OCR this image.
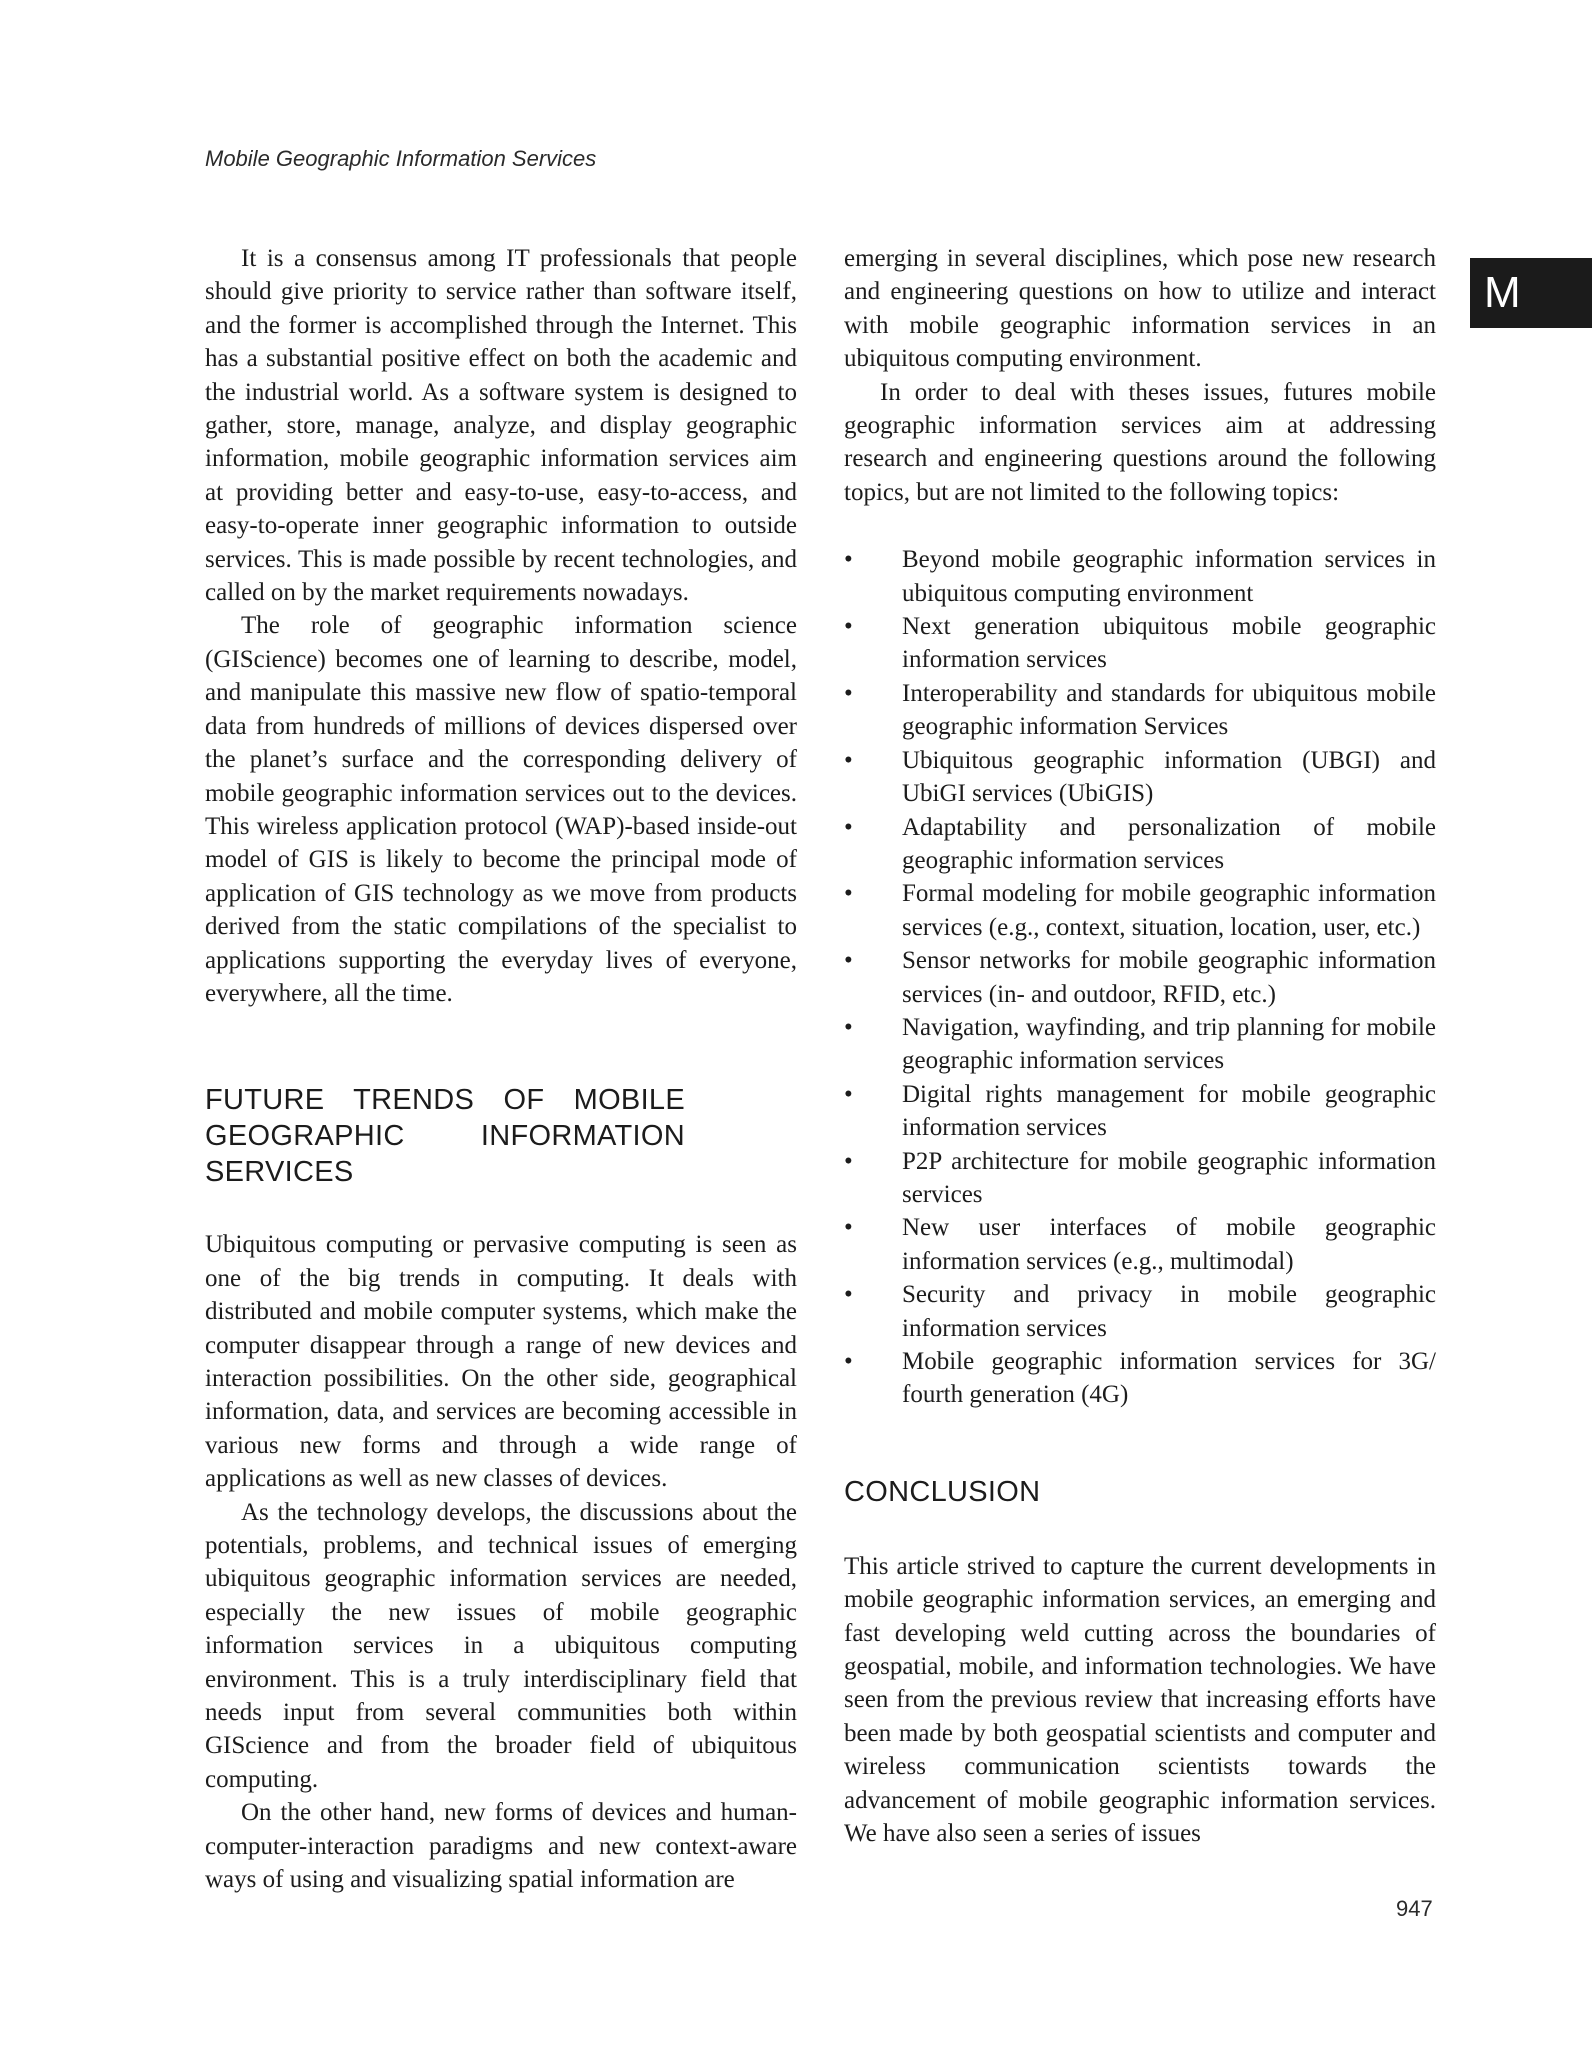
Mobile Geographic Information Services
M

It is a consensus among IT professionals that people should give priority to service rather than software itself, and the former is accomplished through the Internet. This has a substantial positive effect on both the academic and the industrial world. As a software system is designed to gather, store, manage, analyze, and display geographic information, mobile geographic information services aim at providing better and easy-to-use, easy-to-access, and easy-to-operate inner geographic information to outside services. This is made possible by recent technologies, and called on by the market requirements nowadays.

The role of geographic information science (GIScience) becomes one of learning to describe, model, and manipulate this massive new flow of spatio-temporal data from hundreds of millions of devices dispersed over the planet’s surface and the corresponding delivery of mobile geographic information services out to the devices. This wireless application protocol (WAP)-based inside-out model of GIS is likely to become the principal mode of application of GIS technology as we move from products derived from the static compilations of the specialist to applications supporting the everyday lives of everyone, everywhere, all the time.

FUTURE TRENDS OF MOBILE GEOGRAPHIC INFORMATION SERVICES

Ubiquitous computing or pervasive computing is seen as one of the big trends in computing. It deals with distributed and mobile computer systems, which make the computer disappear through a range of new devices and interaction possibilities. On the other side, geographical information, data, and services are becoming accessible in various new forms and through a wide range of applications as well as new classes of devices.

As the technology develops, the discussions about the potentials, problems, and technical issues of emerging ubiquitous geographic information services are needed, especially the new issues of mobile geographic information services in a ubiquitous computing environment. This is a truly interdisciplinary field that needs input from several communities both within GIScience and from the broader field of ubiquitous computing.

On the other hand, new forms of devices and human-computer-interaction paradigms and new context-aware ways of using and visualizing spatial information are

emerging in several disciplines, which pose new research and engineering questions on how to utilize and interact with mobile geographic information services in an ubiquitous computing environment.

In order to deal with theses issues, futures mobile geographic information services aim at addressing research and engineering questions around the following topics, but are not limited to the following topics:

• Beyond mobile geographic information services in ubiquitous computing environment
• Next generation ubiquitous mobile geographic information services
• Interoperability and standards for ubiquitous mobile geographic information Services
• Ubiquitous geographic information (UBGI) and UbiGI services (UbiGIS)
• Adaptability and personalization of mobile geographic information services
• Formal modeling for mobile geographic information services (e.g., context, situation, location, user, etc.)
• Sensor networks for mobile geographic information services (in- and outdoor, RFID, etc.)
• Navigation, wayfinding, and trip planning for mobile geographic information services
• Digital rights management for mobile geographic information services
• P2P architecture for mobile geographic information services
• New user interfaces of mobile geographic information services (e.g., multimodal)
• Security and privacy in mobile geographic information services
• Mobile geographic information services for 3G/ fourth generation (4G)
CONCLUSION

This article strived to capture the current developments in mobile geographic information services, an emerging and fast developing weld cutting across the boundaries of geospatial, mobile, and information technologies. We have seen from the previous review that increasing efforts have been made by both geospatial scientists and computer and wireless communication scientists towards the advancement of mobile geographic information services. We have also seen a series of issues

947
